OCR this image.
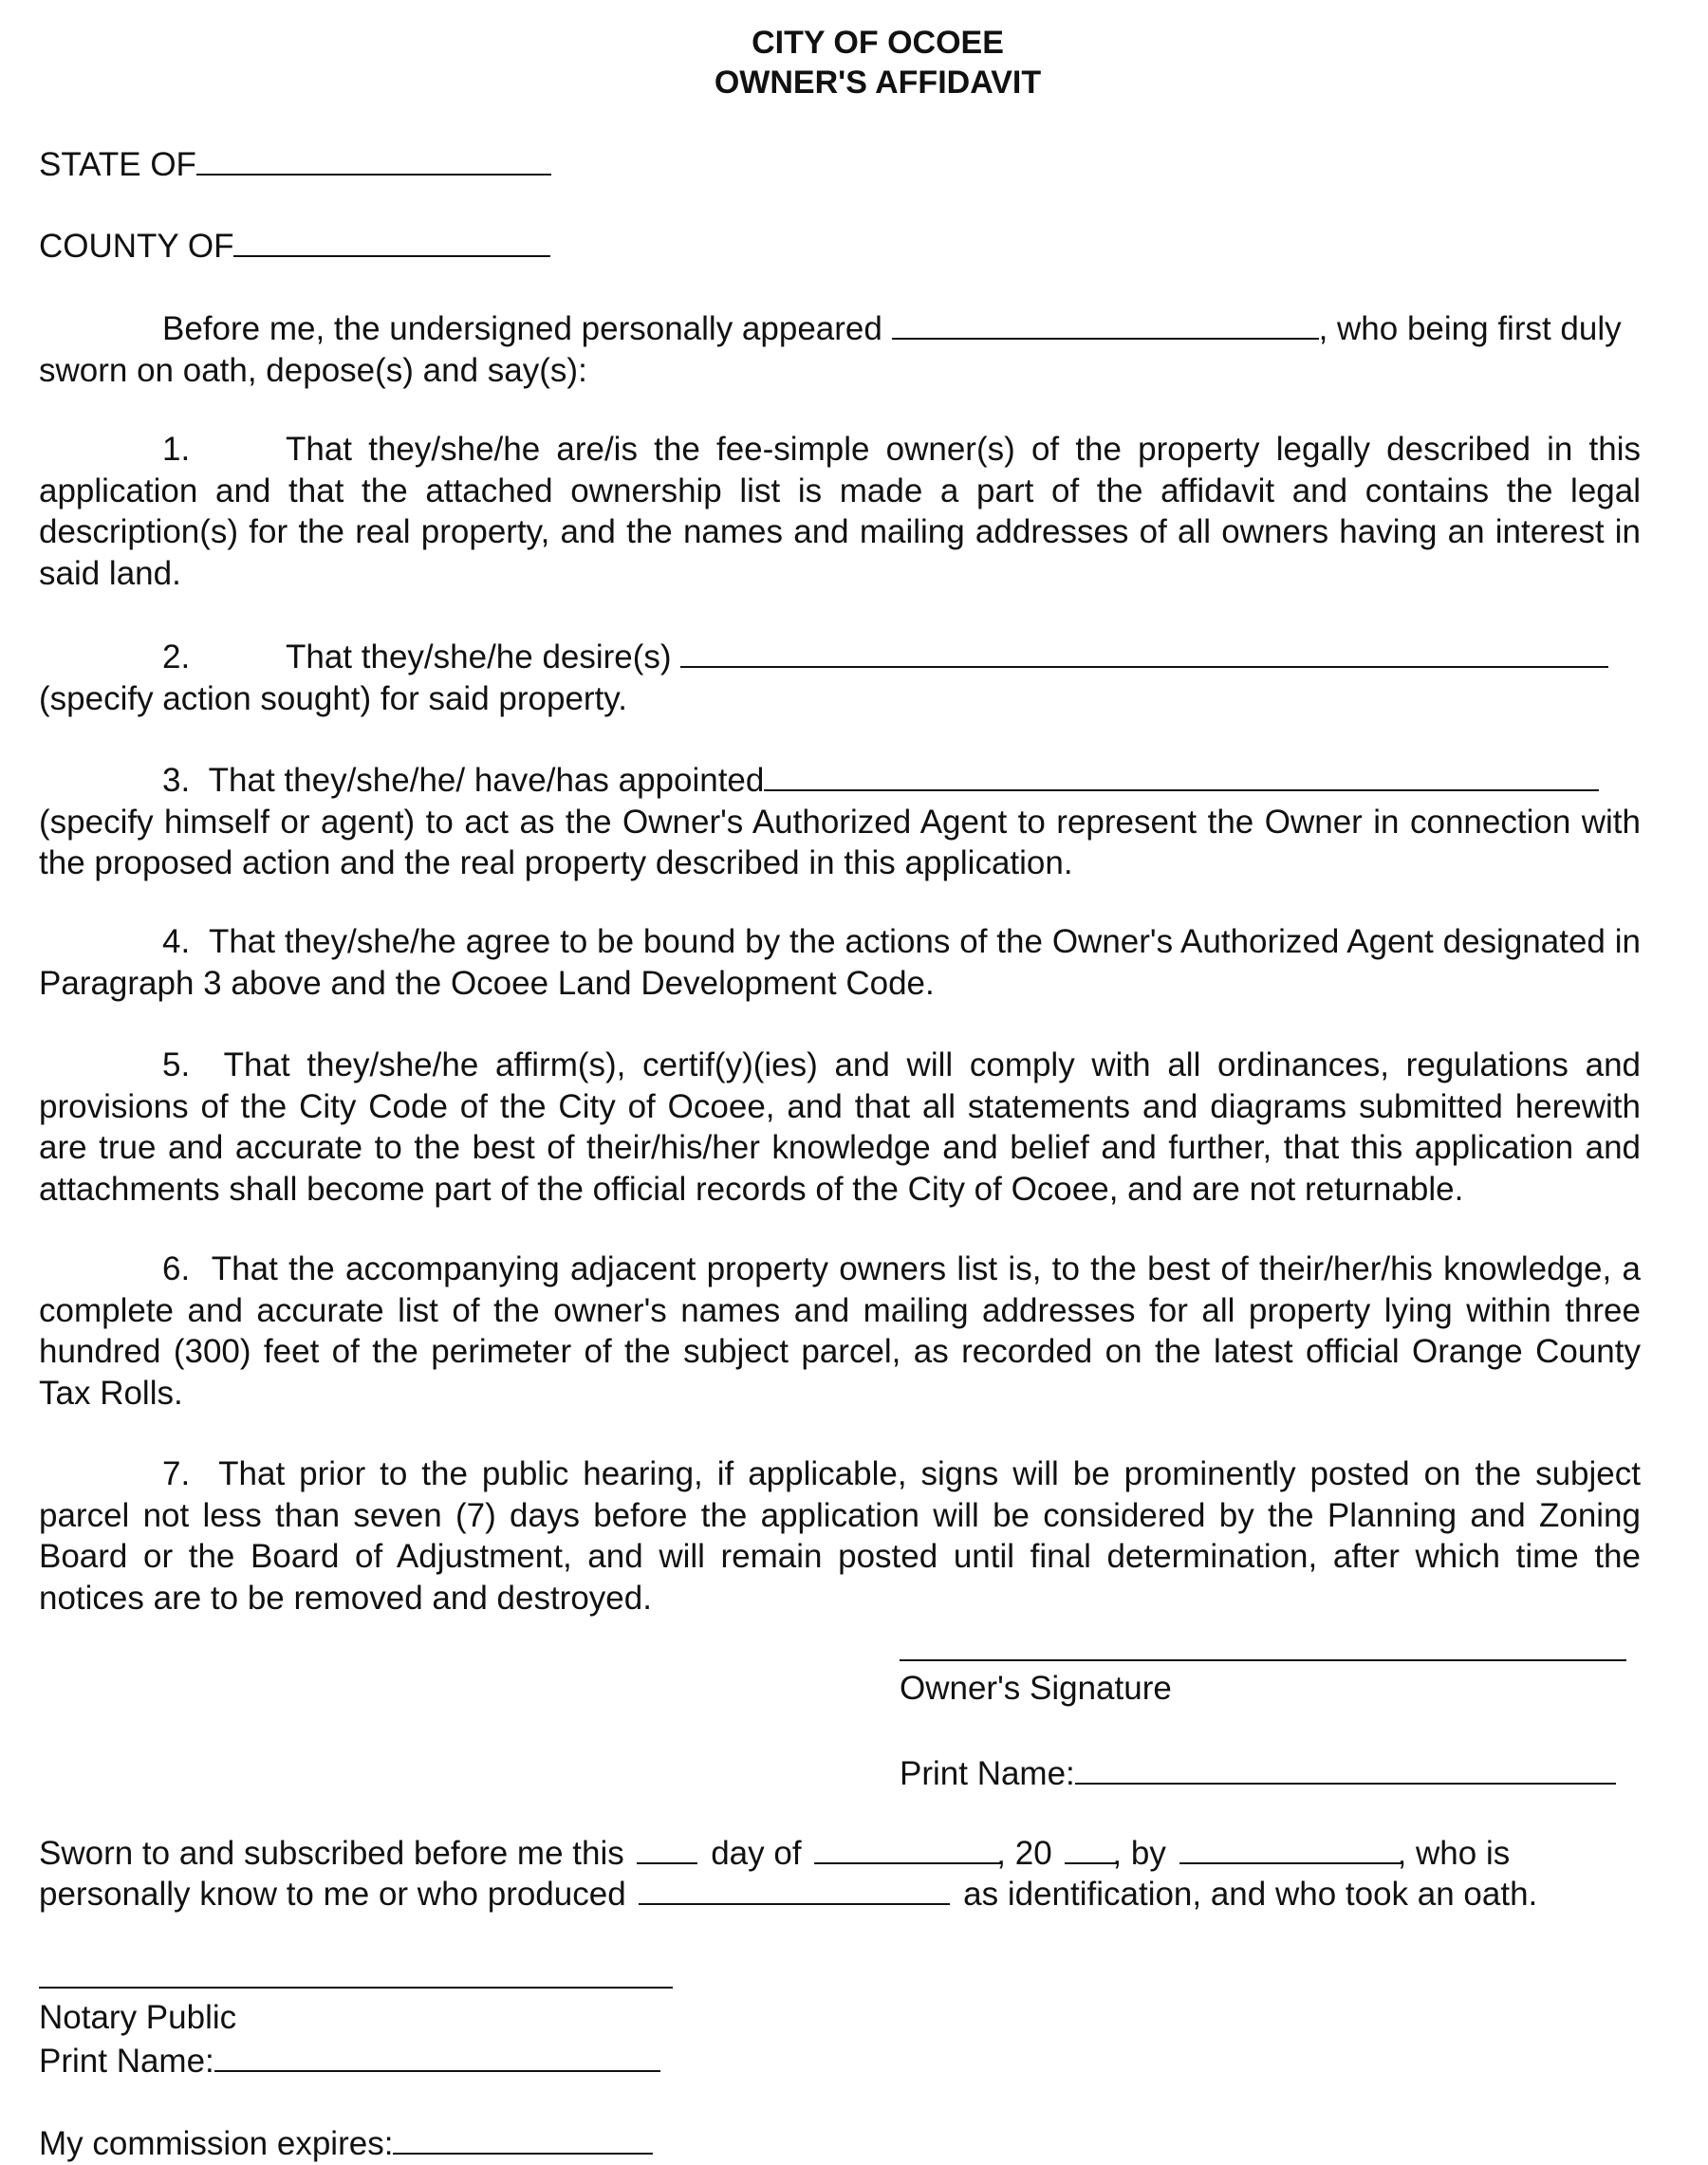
CITY OF OCOEE
OWNER'S AFFIDAVIT
STATE OF
COUNTY OF
Before me, the undersigned personally appeared	, who being first duly
sworn on oath, depose(s) and say(s):
1.	That they/she/he are/is the fee-simple owner(s) of the property legally described in this application and that the attached ownership list is made a part of the affidavit and contains the legal description(s) for the real property, and the names and mailing addresses of all owners having an interest in said land.
2.	That they/she/he desire(s)
(specify action sought) for said property.
3. That they/she/he/ have/has appointed
(specify himself or agent) to act as the Owner's Authorized Agent to represent the Owner in connection with the proposed action and the real property described in this application.
4. That they/she/he agree to be bound by the actions of the Owner's Authorized Agent designated in Paragraph 3 above and the Ocoee Land Development Code.
5. That they/she/he affirm(s), certif(y)(ies) and will comply with all ordinances, regulations and provisions of the City Code of the City of Ocoee, and that all statements and diagrams submitted herewith are true and accurate to the best of their/his/her knowledge and belief and further, that this application and attachments shall become part of the official records of the City of Ocoee, and are not returnable.
6. That the accompanying adjacent property owners list is, to the best of their/her/his knowledge, a complete and accurate list of the owner's names and mailing addresses for all property lying within three hundred (300) feet of the perimeter of the subject parcel, as recorded on the latest official Orange County Tax Rolls.
7. That prior to the public hearing, if applicable, signs will be prominently posted on the subject parcel not less than seven (7) days before the application will be considered by the Planning and Zoning Board or the Board of Adjustment, and will remain posted until final determination, after which time the notices are to be removed and destroyed.
Owner's Signature
Print Name:
Sworn to and subscribed before me this	day of	, 20 , by	, who is
personally know to me or who produced	as identification, and who took an oath.
Notary Public
Print Name:
My commission expires:
